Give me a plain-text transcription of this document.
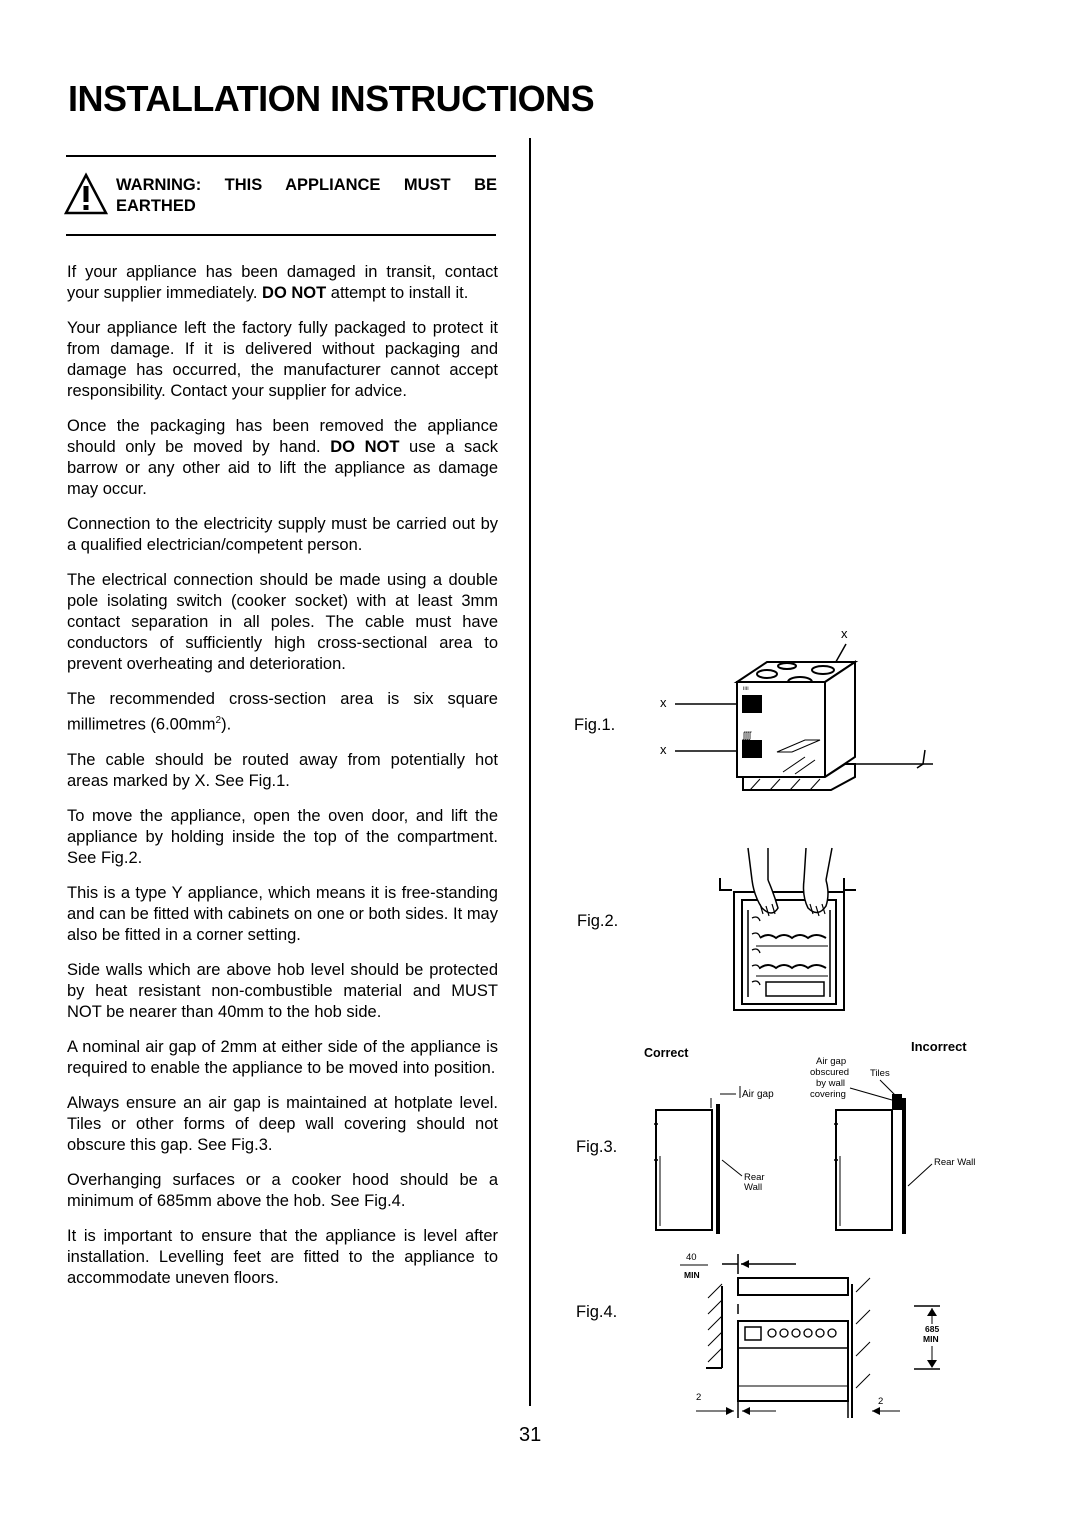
INSTALLATION INSTRUCTIONS
WARNING: THIS APPLIANCE MUST BE
EARTHED

If your appliance has been damaged in transit, contact your supplier immediately. DO NOT attempt to install it.

Your appliance left the factory fully packaged to protect it from damage. If it is delivered without packaging and damage has occurred, the manufacturer cannot accept responsibility. Contact your supplier for advice.

Once the packaging has been removed the appliance should only be moved by hand. DO NOT use a sack barrow or any other aid to lift the appliance as damage may occur.

Connection to the electricity supply must be carried out by a qualified electrician/competent person.

The electrical connection should be made using a double pole isolating switch (cooker socket) with at least 3mm contact separation in all poles. The cable must have conductors of sufficiently high cross-sectional area to prevent overheating and deterioration.

The recommended cross-section area is six square millimetres $(6.00mm^2)$.

The cable should be routed away from potentially hot areas marked by X. See Fig.1.

To move the appliance, open the oven door, and lift the appliance by holding inside the top of the compartment. See Fig.2.

This is a type Y appliance, which means it is free-standing and can be fitted with cabinets on one or both sides. It may also be fitted in a corner setting.

Side walls which are above hob level should be protected by heat resistant non-combustible material and MUST NOT be nearer than 40mm to the hob side.

A nominal air gap of 2mm at either side of the appliance is required to enable the appliance to be moved into position.

Always ensure an air gap is maintained at hotplate level. Tiles or other forms of deep wall covering should not obscure this gap. See Fig.3.

Overhanging surfaces or a cooker hood should be a minimum of 685mm above the hob. See Fig.4.

It is important to ensure that the appliance is level after installation. Levelling feet are fitted to the appliance to accommodate uneven floors.

Fig.1.
x
x
x
ᶦᶦᶦᶦ
ʃʃʃʃ
Fig.2.
Fig.3.
Correct	Incorrect
Air gap
Rear
Wall
Air gap
obscured
by wall
covering
Tiles
Rear Wall
Fig.4.
40
MIN
2	2
685
MIN
31
